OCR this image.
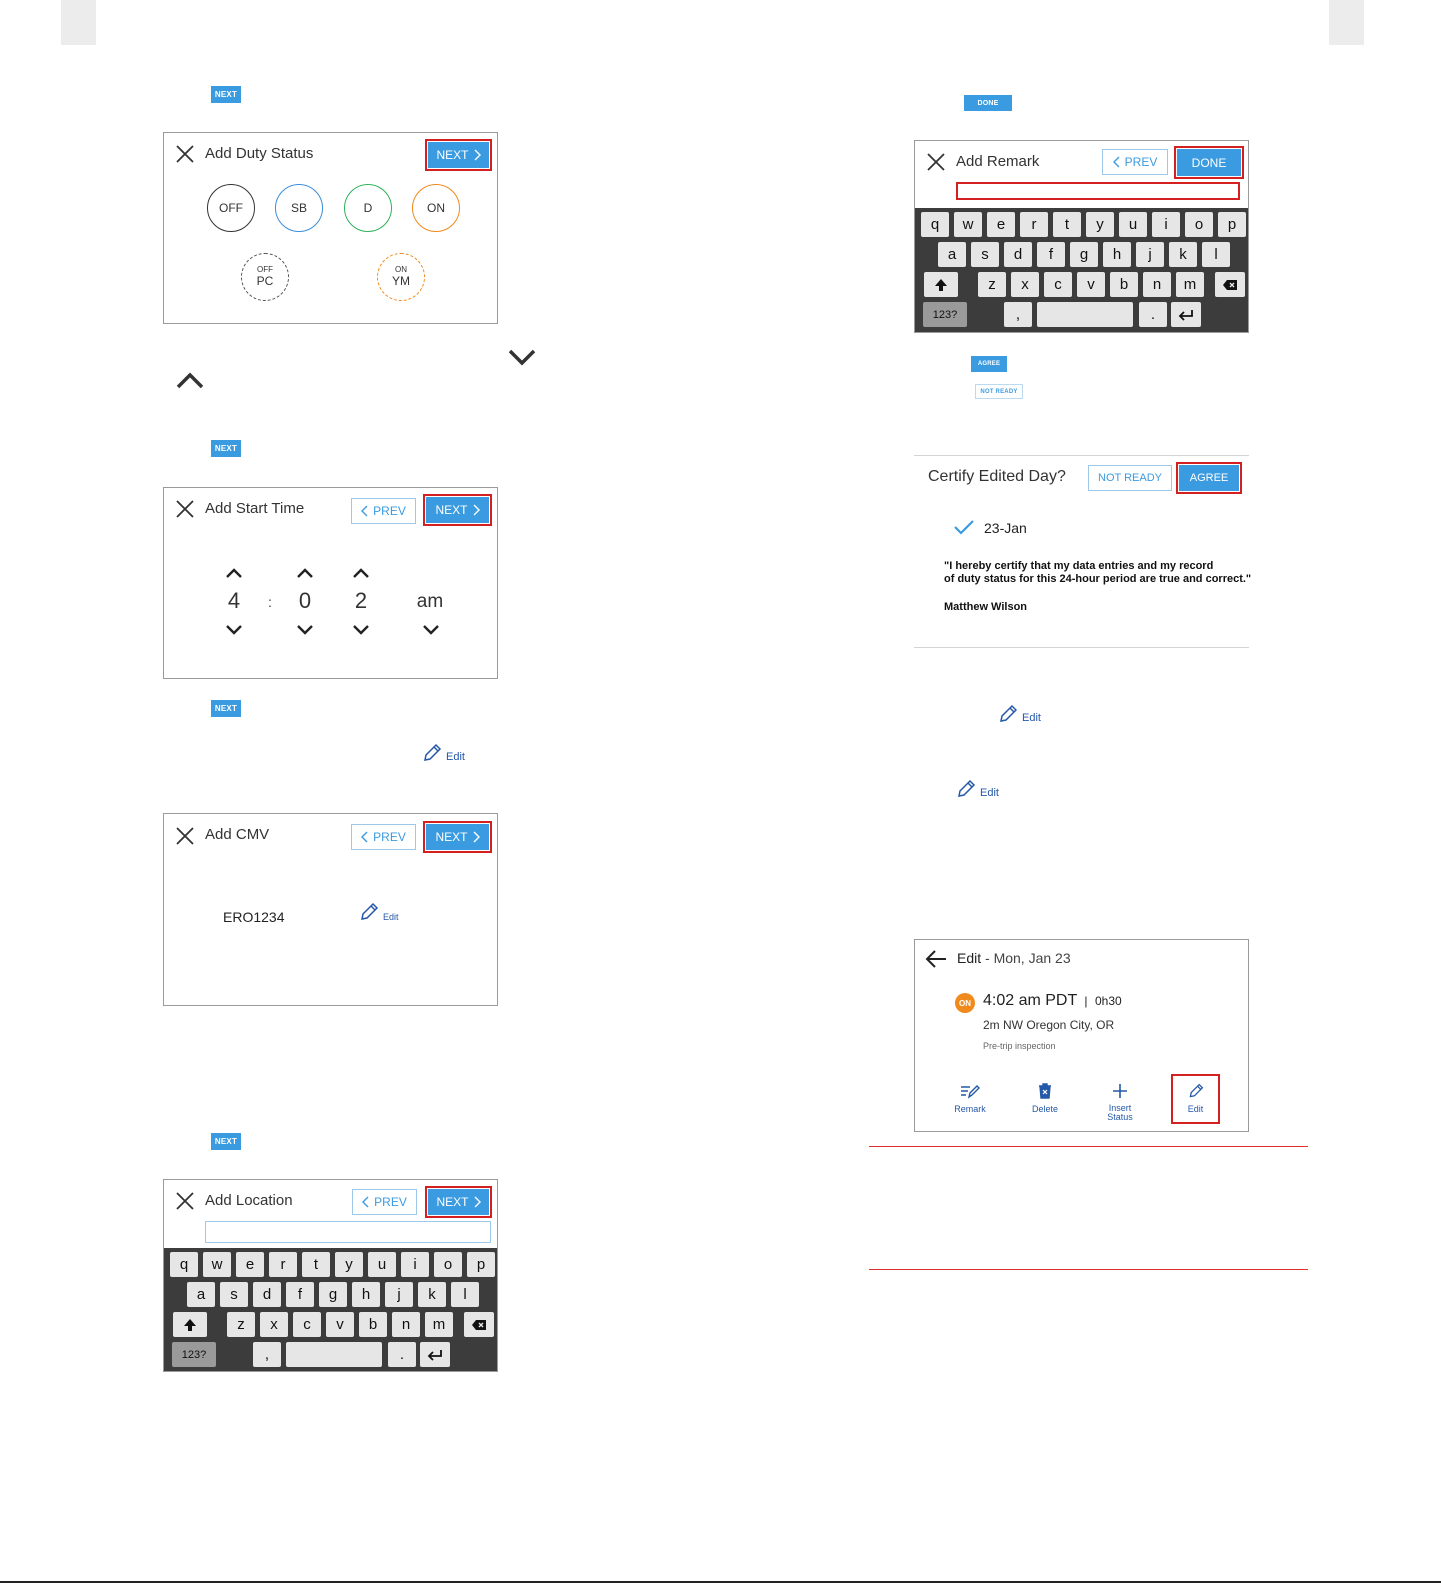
NEXT
Add Duty Status	NEXT
OFF	SB	D	ON
OFF
PC
ON
YM
NEXT
Add Start Time	PREV NEXT
4	:	0	2	am
NEXT
Edit
Add CMV	PREV NEXT
ERO1234	Edit
NEXT
Add Location	PREV NEXT
q	w	e	r	t	y	u	i	o	p
a	s	d	f	g	h	j	k	l
z	x	c	v	b	n	m
123?	,	.
DONE
Add Remark	PREV	DONE
q	w	e	r	t	y	u	i	o	p
a	s	d	f	g	h	j	k	l
z	x	c	v	b	n	m
123?	,	.
AGREE
NOT READY
Certify Edited Day?	NOT READY	AGREE
23-Jan
"I hereby certify that my data entries and my record
of duty status for this 24-hour period are true and correct."
Matthew Wilson
Edit
Edit
Edit - Mon, Jan 23
ON 4:02 am PDT | 0h30
2m NW Oregon City, OR
Pre-trip inspection
Remark	Delete	Insert
Status
Edit
